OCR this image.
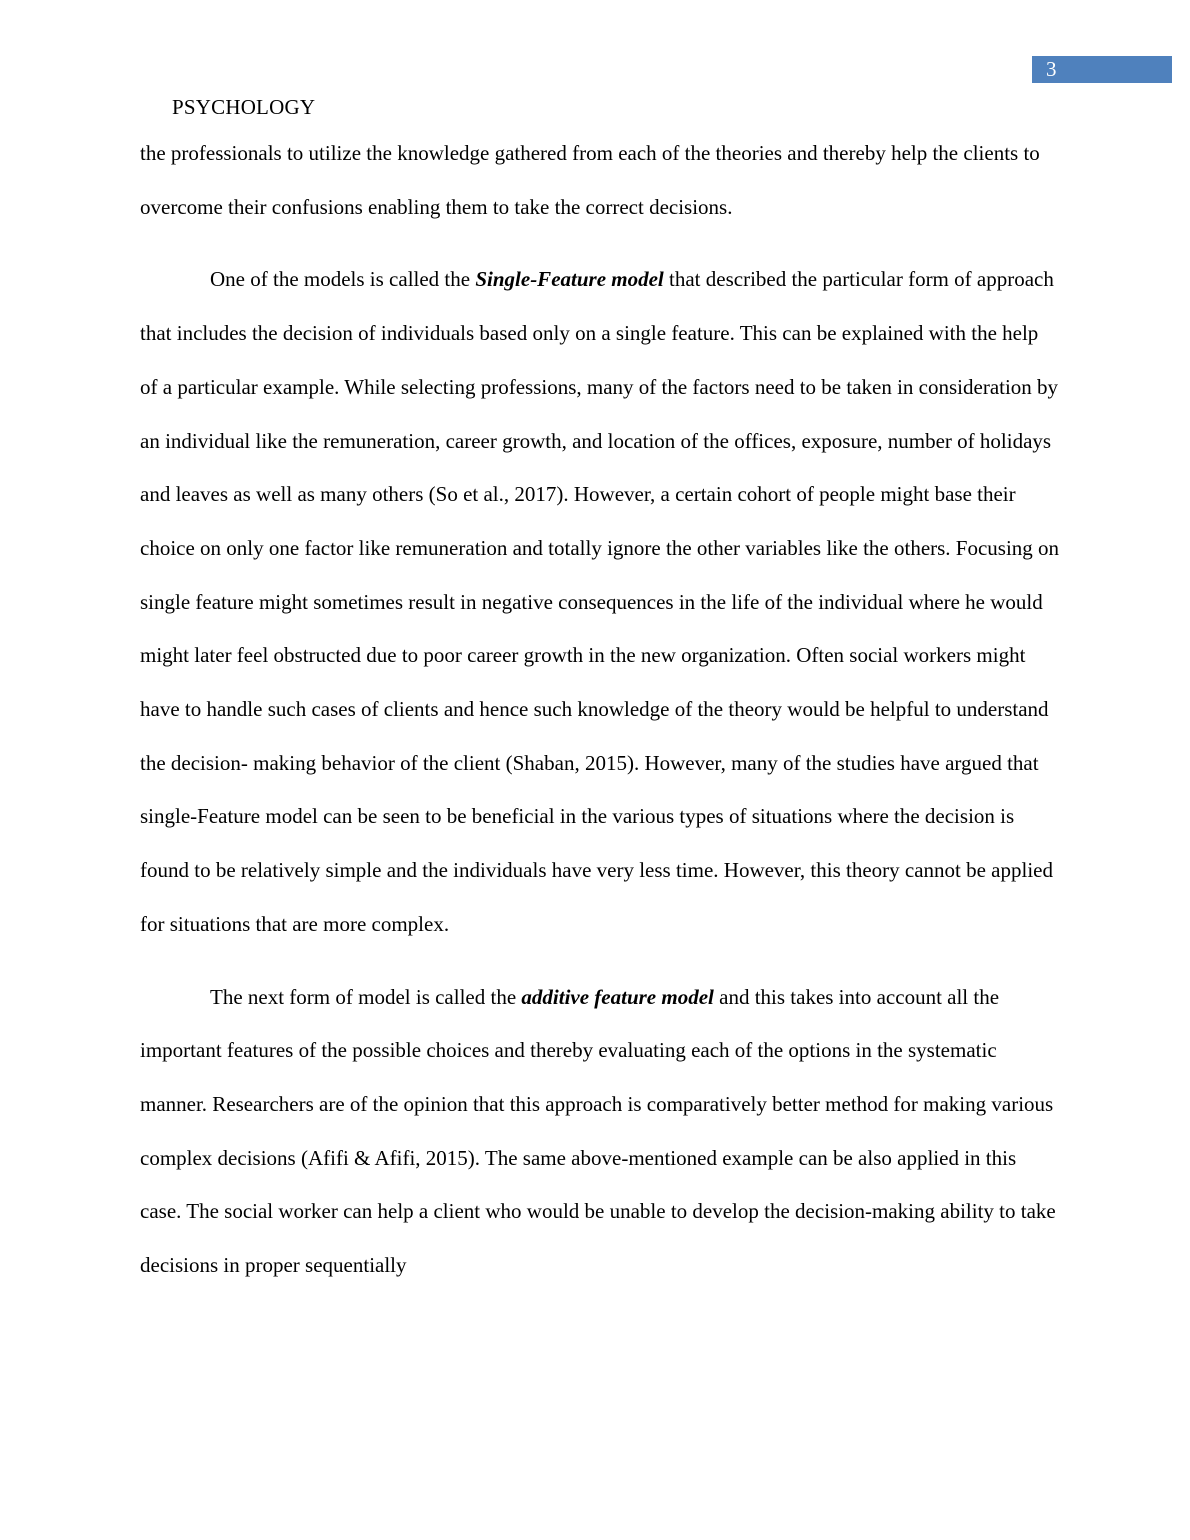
3
PSYCHOLOGY

the professionals to utilize the knowledge gathered from each of the theories and thereby help the clients to overcome their confusions enabling them to take the correct decisions.

One of the models is called the Single-Feature model that described the particular form of approach that includes the decision of individuals based only on a single feature. This can be explained with the help of a particular example. While selecting professions, many of the factors need to be taken in consideration by an individual like the remuneration, career growth, and location of the offices, exposure, number of holidays and leaves as well as many others (So et al., 2017). However, a certain cohort of people might base their choice on only one factor like remuneration and totally ignore the other variables like the others. Focusing on single feature might sometimes result in negative consequences in the life of the individual where he would might later feel obstructed due to poor career growth in the new organization. Often social workers might have to handle such cases of clients and hence such knowledge of the theory would be helpful to understand the decision- making behavior of the client (Shaban, 2015). However, many of the studies have argued that single-Feature model can be seen to be beneficial in the various types of situations where the decision is found to be relatively simple and the individuals have very less time. However, this theory cannot be applied for situations that are more complex.

The next form of model is called the additive feature model and this takes into account all the important features of the possible choices and thereby evaluating each of the options in the systematic manner. Researchers are of the opinion that this approach is comparatively better method for making various complex decisions (Afifi & Afifi, 2015). The same above-mentioned example can be also applied in this case. The social worker can help a client who would be unable to develop the decision-making ability to take decisions in proper sequentially
